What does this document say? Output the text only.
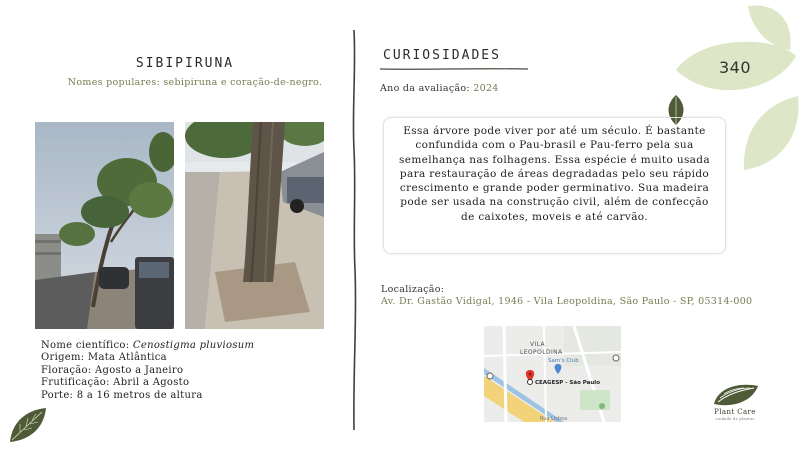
340
SIBIPIRUNA
Nomes populares: sebipiruna e coração-de-negro.
Nome científico: Cenostigma pluviosum
Origem: Mata Atlântica
Floração: Agosto a Janeiro
Frutificação: Abril a Agosto
Porte: 8 a 16 metros de altura
CURIOSIDADES
Ano da avaliação: 2024
Essa árvore pode viver por até um século. É bastante confundida com o Pau-brasil e Pau-ferro pela sua semelhança nas folhagens. Essa espécie é muito usada para restauração de áreas degradadas pelo seu rápido crescimento e grande poder germinativo. Sua madeira pode ser usada na construção civil, além de confecção de caixotes, moveis e até carvão.
Localização:
Av. Dr. Gastão Vidigal, 1946 - Vila Leopoldina, São Paulo - SP, 05314-000
VILA
LEOPOLDINA
Sam's Club
CEAGESP - São Paulo
Rua Lisboa
Plant Care
cuidado de plantas
